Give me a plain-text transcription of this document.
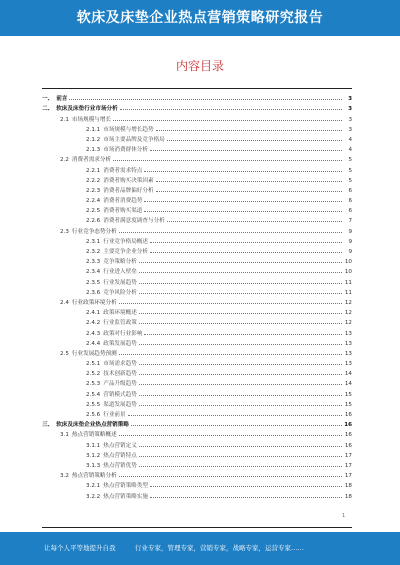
软床及床垫企业热点营销策略研究报告
内容目录
一、 前言	3
二、 软床及床垫行业市场分析	3
2.1 市场规模与增长	3
2.1.1 市场规模与增长趋势	3
2.1.2 市场主要品牌及竞争格局	4
2.1.3 市场消费群体分析	4
2.2 消费者需求分析	5
2.2.1 消费者需求特点	5
2.2.2 消费者购买决策因素	5
2.2.3 消费者品牌偏好分析	6
2.2.4 消费者消费趋势	6
2.2.5 消费者购买渠道	6
2.2.6 消费者满意度调查与分析	7
2.3 行业竞争态势分析	9
2.3.1 行业竞争格局概述	9
2.3.2 主要竞争企业分析	9
2.3.3 竞争策略分析	10
2.3.4 行业进入壁垒	10
2.3.5 行业发展趋势	11
2.3.6 竞争风险分析	11
2.4 行业政策环境分析	12
2.4.1 政策环境概述	12
2.4.2 行业监管政策	12
2.4.3 政策对行业影响	13
2.4.4 政策发展趋势	13
2.5 行业发展趋势预测	13
2.5.1 市场需求趋势	13
2.5.2 技术创新趋势	14
2.5.3 产品升级趋势	14
2.5.4 营销模式趋势	15
2.5.5 渠道发展趋势	15
2.5.6 行业前景	16
三、 软床及床垫企业热点营销策略	16
3.1 热点营销策略概述	16
3.1.1 热点营销定义	16
3.1.2 热点营销特点	17
3.1.3 热点营销优势	17
3.2 热点营销策略分析	17
3.2.1 热点营销策略类型	18
3.2.2 热点营销策略实施	18
1
让每个人平等地提升自我	行业专家，管理专家，营销专家，战略专家，运营专家……
